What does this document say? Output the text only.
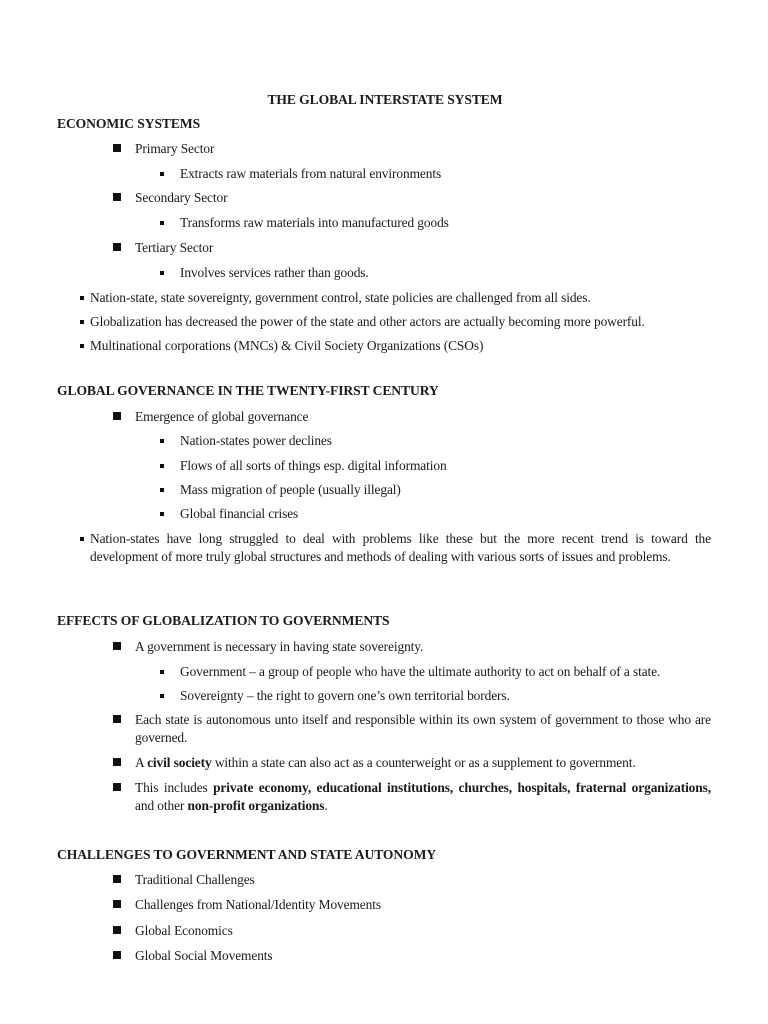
THE GLOBAL INTERSTATE SYSTEM
ECONOMIC SYSTEMS
Primary Sector
Extracts raw materials from natural environments
Secondary Sector
Transforms raw materials into manufactured goods
Tertiary Sector
Involves services rather than goods.
Nation-state, state sovereignty, government control, state policies are challenged from all sides.
Globalization has decreased the power of the state and other actors are actually becoming more powerful.
Multinational corporations (MNCs) & Civil Society Organizations (CSOs)
GLOBAL GOVERNANCE IN THE TWENTY-FIRST CENTURY
Emergence of global governance
Nation-states power declines
Flows of all sorts of things esp. digital information
Mass migration of people (usually illegal)
Global financial crises
Nation-states have long struggled to deal with problems like these but the more recent trend is toward the development of more truly global structures and methods of dealing with various sorts of issues and problems.
EFFECTS OF GLOBALIZATION TO GOVERNMENTS
A government is necessary in having state sovereignty.
Government – a group of people who have the ultimate authority to act on behalf of a state.
Sovereignty – the right to govern one’s own territorial borders.
Each state is autonomous unto itself and responsible within its own system of government to those who are governed.
A civil society within a state can also act as a counterweight or as a supplement to government.
This includes private economy, educational institutions, churches, hospitals, fraternal organizations, and other non-profit organizations.
CHALLENGES TO GOVERNMENT AND STATE AUTONOMY
Traditional Challenges
Challenges from National/Identity Movements
Global Economics
Global Social Movements
